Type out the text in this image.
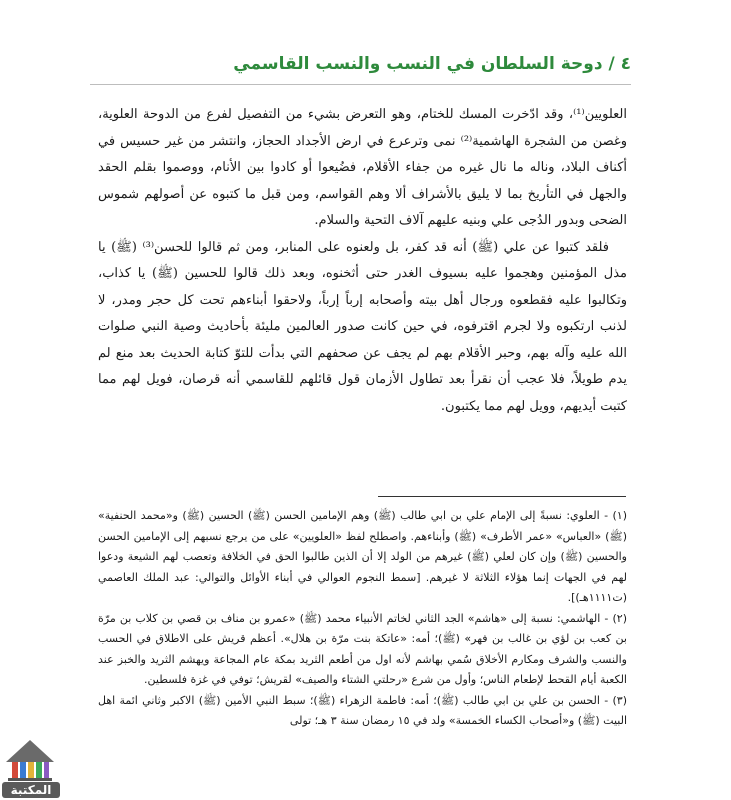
٤ / دوحة السلطان في النسب والنسب القاسمي

العلويين⁽¹⁾، وقد ادّخرت المسك للختام، وهو التعرض بشيء من التفصيل لفرع من الدوحة العلوية، وغصن من الشجرة الهاشمية⁽²⁾ نمى وترعرع في ارض الأجداد الحجاز، وانتشر من غير حسيس في أكناف البلاد، وناله ما نال غيره من جفاء الأقلام، فضُيعوا أو كادوا بين الأنام، ووصموا بقلم الحقد والجهل في التأريخ بما لا يليق بالأشراف ألا وهم القواسم، ومن قبل ما كتبوه عن أصولهم شموس الضحى وبدور الدُجى علي وبنيه عليهم آلاف التحية والسلام.

فلقد كتبوا عن علي (ﷺ) أنه قد كفر، بل ولعنوه على المنابر، ومن ثم قالوا للحسن⁽³⁾ (ﷺ) يا مذل المؤمنين وهجموا عليه بسيوف الغدر حتى أثخنوه، وبعد ذلك قالوا للحسين (ﷺ) يا كذاب، وتكالبوا عليه فقطعوه ورجال أهل بيته وأصحابه إرباً إرباً، ولاحقوا أبناءهم تحت كل حجر ومدر، لا لذنب ارتكبوه ولا لجرم اقترفوه، في حين كانت صدور العالمين مليئة بأحاديث وصية النبي صلوات الله عليه وآله بهم، وحبر الأقلام بهم لم يجف عن صحفهم التي بدأت للتوّ كتابة الحديث بعد منع لم يدم طويلاً، فلا عجب أن نقرأ بعد تطاول الأزمان قول قائلهم للقاسمي أنه قرصان، فويل لهم مما كتبت أيديهم، وويل لهم مما يكتبون.

(١) - العلوي: نسبةً إلى الإمام علي بن ابي طالب (ﷺ) وهم الإمامين الحسن (ﷺ) الحسين (ﷺ) و«محمد الحنفية» (ﷺ) «العباس» «عمر الأطرف» (ﷺ) وأبناءهم. واصطلح لفظ «العلويين» على من يرجع نسبهم إلى الإمامين الحسن والحسين (ﷺ) وإن كان لعلي (ﷺ) غيرهم من الولد إلا أن الذين طالبوا الحق في الخلافة وتعصب لهم الشيعة ودعوا لهم في الجهات إنما هؤلاء الثلاثة لا غيرهم. [سمط النجوم العوالي في أبناء الأوائل والتوالي: عبد الملك العاصمي (ت١١١١هـ)].

(٢) - الهاشمي: نسبة إلى «هاشم» الجد الثاني لخاتم الأنبياء محمد (ﷺ) «عمرو بن مناف بن قصي بن كلاب بن مرّة بن كعب بن لؤي بن غالب بن فهر» (ﷺ)؛ أمه: «عاتكة بنت مرّة بن هلال». أعظم قريش على الاطلاق في الحسب والنسب والشرف ومكارم الأخلاق سُمي بهاشم لأنه اول من أطعم الثريد بمكة عام المجاعة ويهشم الثريد والخبز عند الكعبة أيام القحط لإطعام الناس؛ وأول من شرع «رحلتي الشتاء والصيف» لقريش؛ توفي في غزة فلسطين.

(٣) - الحسن بن علي بن ابي طالب (ﷺ)؛ أمه: فاطمة الزهراء (ﷺ)؛ سبط النبي الأمين (ﷺ) الاكبر وثاني ائمة اهل البيت (ﷺ) و«أصحاب الكساء الخمسة» ولد في ١٥ رمضان سنة ٣ هـ؛ تولى

المكتبة
